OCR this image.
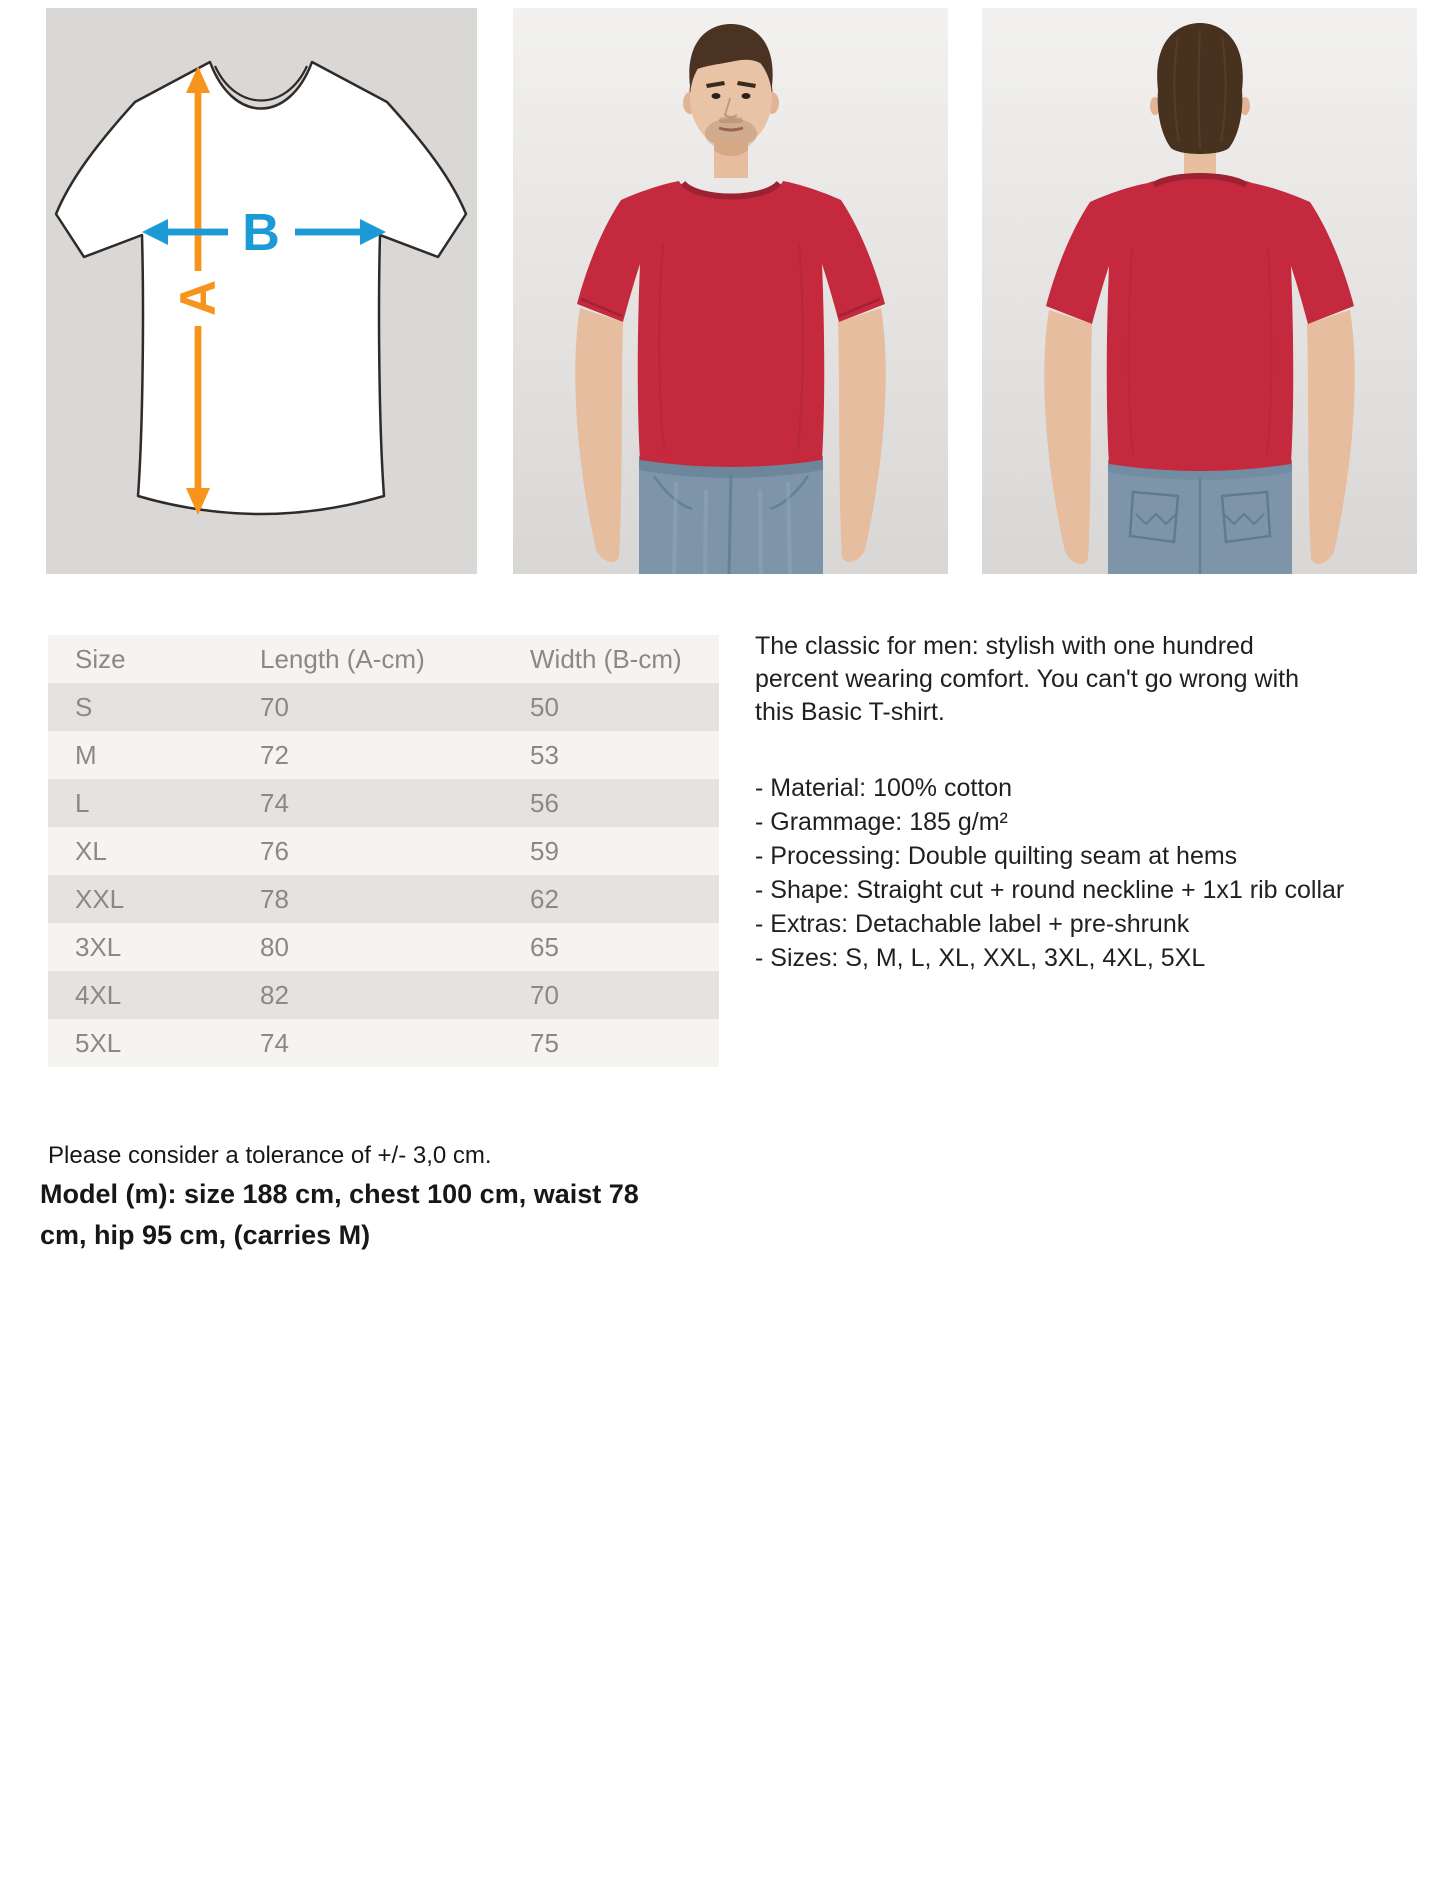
A
B
Size	Length (A-cm)	Width (B-cm)
S	70	50
M	72	53
L	74	56
XL	76	59
XXL	78	62
3XL	80	65
4XL	82	70
5XL	74	75
The classic for men: stylish with one hundred
percent wearing comfort. You can't go wrong with
this Basic T-shirt.
- Material: 100% cotton
- Grammage: 185 g/m²
- Processing: Double quilting seam at hems
- Shape: Straight cut + round neckline + 1x1 rib collar
- Extras: Detachable label + pre-shrunk
- Sizes: S, M, L, XL, XXL, 3XL, 4XL, 5XL
Please consider a tolerance of +/- 3,0 cm.
Model (m): size 188 cm, chest 100 cm, waist 78
cm, hip 95 cm, (carries M)
